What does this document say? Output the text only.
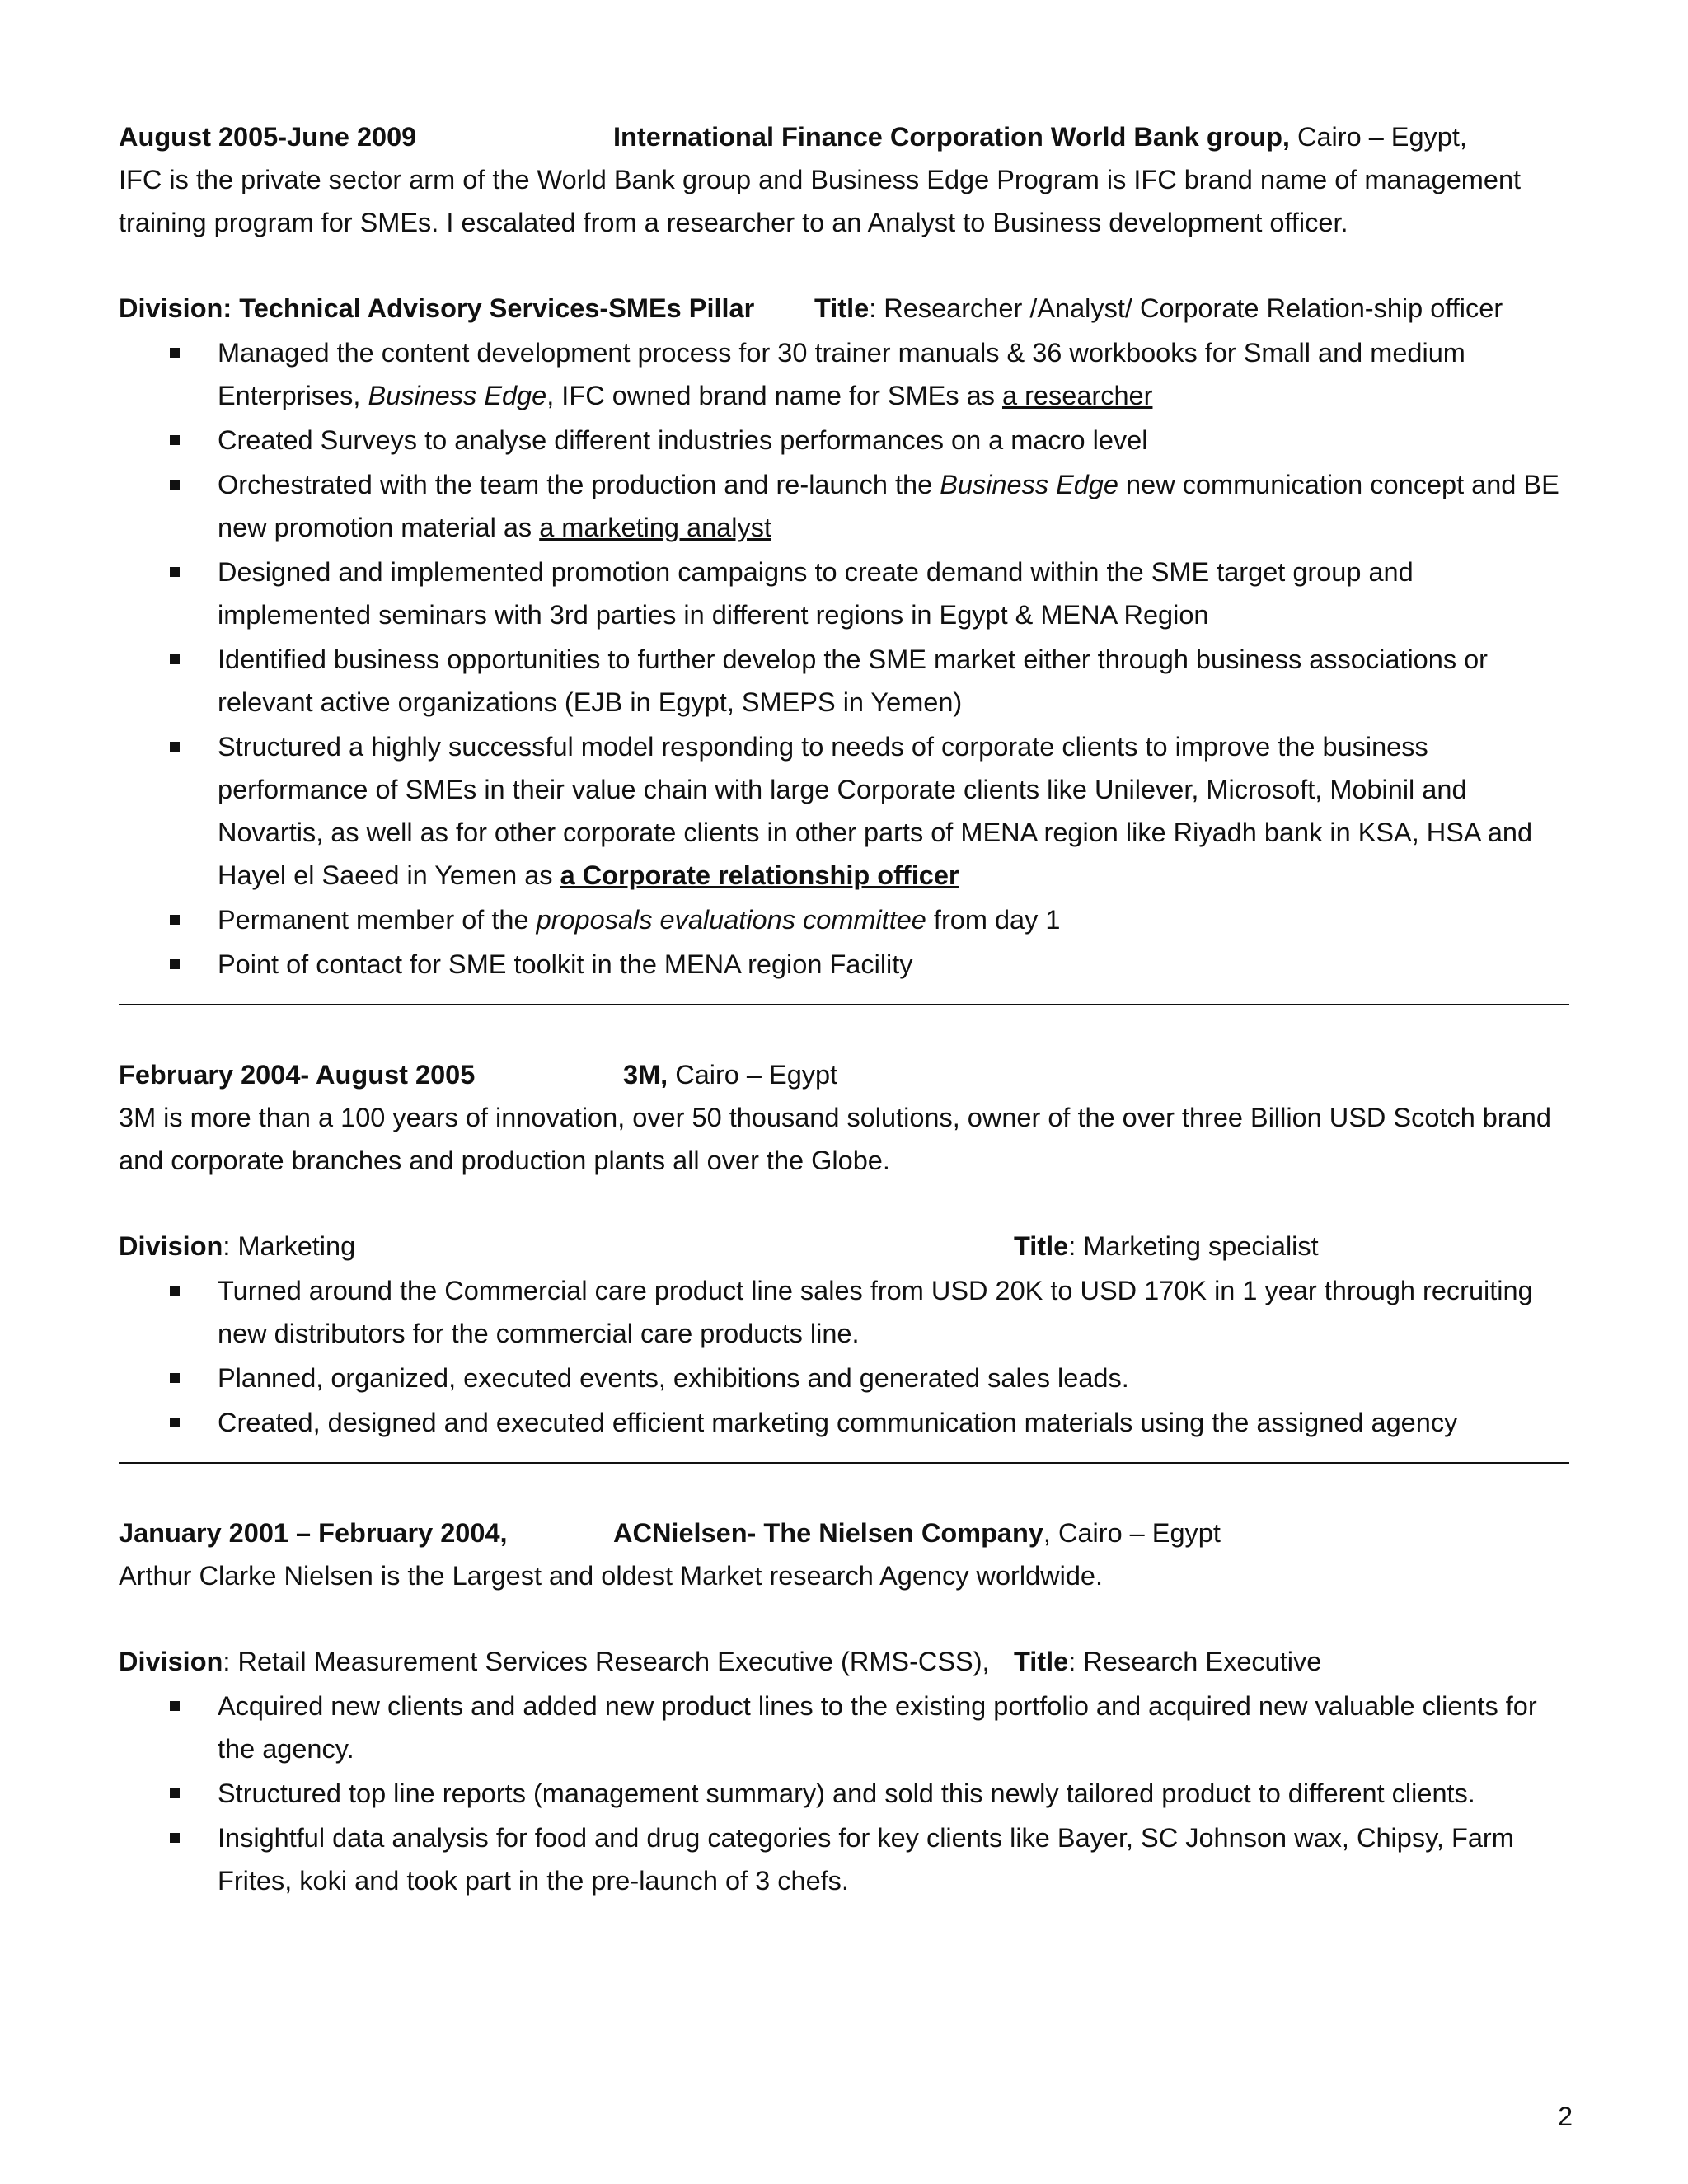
August 2005-June 2009	International Finance Corporation World Bank group, Cairo – Egypt,

IFC is the private sector arm of the World Bank group and Business Edge Program is IFC brand name of management training program for SMEs. I escalated from a researcher to an Analyst to Business development officer.

Division: Technical Advisory Services-SMEs Pillar Title: Researcher /Analyst/ Corporate Relation-ship officer
Managed the content development process for 30 trainer manuals & 36 workbooks for Small and medium Enterprises, Business Edge, IFC owned brand name for SMEs as a researcher
Created Surveys to analyse different industries performances on a macro level
Orchestrated with the team the production and re-launch the Business Edge new communication concept and BE new promotion material as a marketing analyst
Designed and implemented promotion campaigns to create demand within the SME target group and implemented seminars with 3rd parties in different regions in Egypt & MENA Region
Identified business opportunities to further develop the SME market either through business associations or relevant active organizations (EJB in Egypt, SMEPS in Yemen)
Structured a highly successful model responding to needs of corporate clients to improve the business performance of SMEs in their value chain with large Corporate clients like Unilever, Microsoft, Mobinil and Novartis, as well as for other corporate clients in other parts of MENA region like Riyadh bank in KSA, HSA and Hayel el Saeed in Yemen as a Corporate relationship officer
Permanent member of the proposals evaluations committee from day 1
Point of contact for SME toolkit in the MENA region Facility
February 2004- August 2005	3M, Cairo – Egypt

3M is more than a 100 years of innovation, over 50 thousand solutions, owner of the over three Billion USD Scotch brand and corporate branches and production plants all over the Globe.

Division: Marketing	Title: Marketing specialist
Turned around the Commercial care product line sales from USD 20K to USD 170K in 1 year through recruiting new distributors for the commercial care products line.
Planned, organized, executed events, exhibitions and generated sales leads.
Created, designed and executed efficient marketing communication materials using the assigned agency
January 2001 – February 2004,	ACNielsen- The Nielsen Company, Cairo – Egypt

Arthur Clarke Nielsen is the Largest and oldest Market research Agency worldwide.

Division: Retail Measurement Services Research Executive (RMS-CSS), Title: Research Executive
Acquired new clients and added new product lines to the existing portfolio and acquired new valuable clients for the agency.
Structured top line reports (management summary) and sold this newly tailored product to different clients.
Insightful data analysis for food and drug categories for key clients like Bayer, SC Johnson wax, Chipsy, Farm Frites, koki and took part in the pre-launch of 3 chefs.
2
